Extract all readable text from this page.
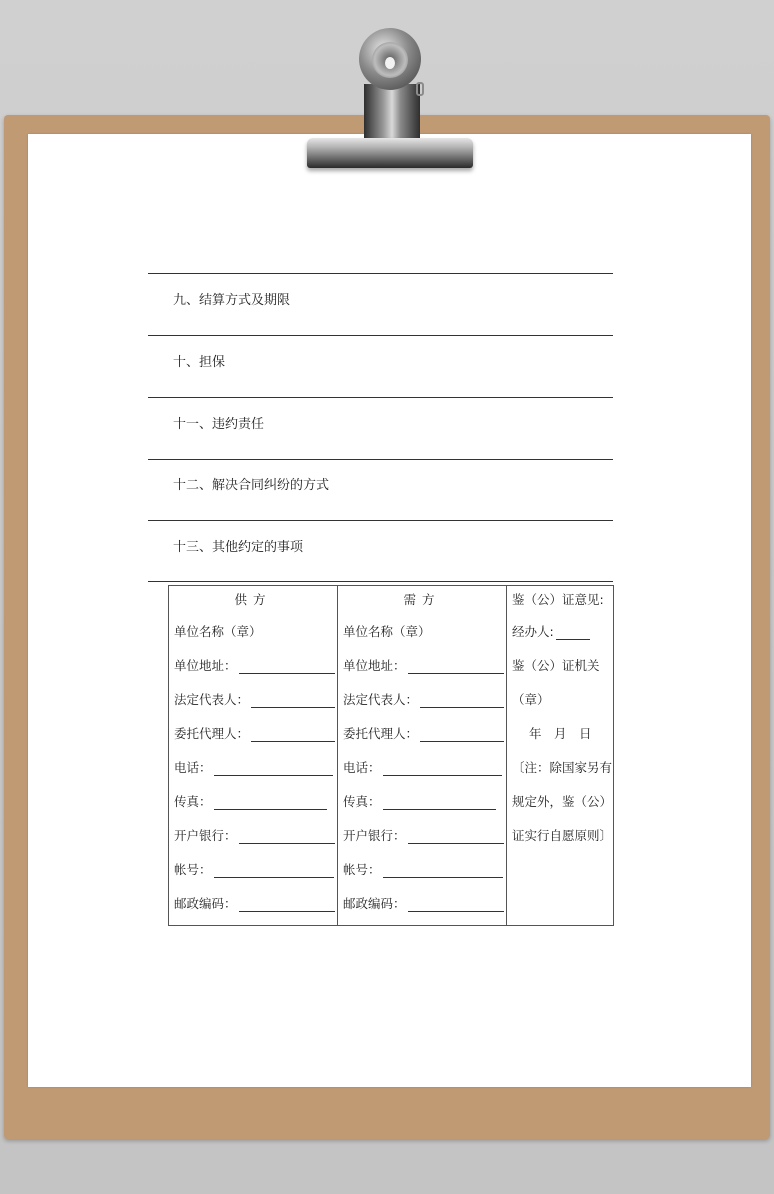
九、结算方式及期限
十、担保
十一、违约责任
十二、解决合同纠纷的方式
十三、其他约定的事项
供方
单位名称（章）
单位地址：
法定代表人：
委托代理人：
电话：
传真：
开户银行：
帐号：
邮政编码：
需方
单位名称（章）
单位地址：
法定代表人：
委托代理人：
电话：
传真：
开户银行：
帐号：
邮政编码：
鉴（公）证意见:
经办人:
鉴（公）证机关
（章）
年　月　日
〔注：除国家另有
规定外，鉴（公）
证实行自愿原则〕
